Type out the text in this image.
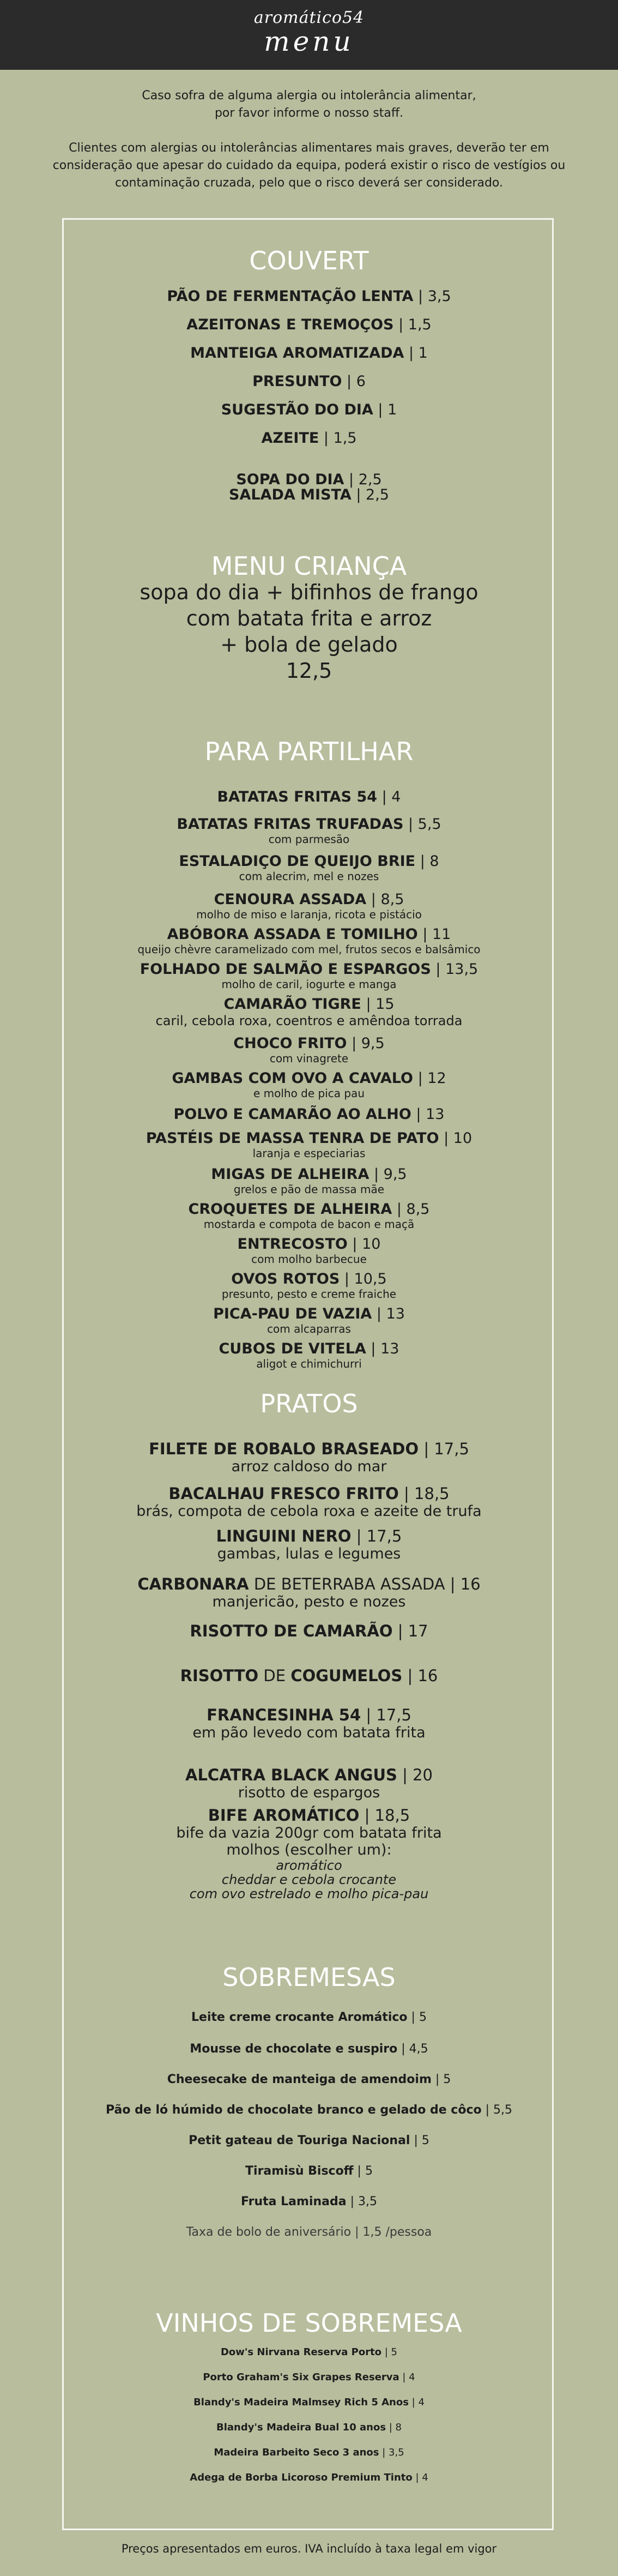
aromático54
menu
Caso sofra de alguma alergia ou intolerância alimentar,
por favor informe o nosso staff.
Clientes com alergias ou intolerâncias alimentares mais graves, deverão ter em
consideração que apesar do cuidado da equipa, poderá existir o risco de vestígios ou
contaminação cruzada, pelo que o risco deverá ser considerado.
COUVERT
PÃO DE FERMENTAÇÃO LENTA | 3,5
AZEITONAS E TREMOÇOS | 1,5
MANTEIGA AROMATIZADA | 1
PRESUNTO | 6
SUGESTÃO DO DIA | 1
AZEITE | 1,5
SOPA DO DIA | 2,5
SALADA MISTA | 2,5
MENU CRIANÇA
sopa do dia + bifinhos de frango
com batata frita e arroz
+ bola de gelado
12,5
PARA PARTILHAR
BATATAS FRITAS 54 | 4
BATATAS FRITAS TRUFADAS | 5,5
com parmesão
ESTALADIÇO DE QUEIJO BRIE | 8
com alecrim, mel e nozes
CENOURA ASSADA | 8,5
molho de miso e laranja, ricota e pistácio
ABÓBORA ASSADA E TOMILHO | 11
queijo chèvre caramelizado com mel, frutos secos e balsâmico
FOLHADO DE SALMÃO E ESPARGOS | 13,5
molho de caril, iogurte e manga
CAMARÃO TIGRE | 15
caril, cebola roxa, coentros e amêndoa torrada
CHOCO FRITO | 9,5
com vinagrete
GAMBAS COM OVO A CAVALO | 12
e molho de pica pau
POLVO E CAMARÃO AO ALHO | 13
PASTÉIS DE MASSA TENRA DE PATO | 10
laranja e especiarias
MIGAS DE ALHEIRA | 9,5
grelos e pão de massa mãe
CROQUETES DE ALHEIRA | 8,5
mostarda e compota de bacon e maçã
ENTRECOSTO | 10
com molho barbecue
OVOS ROTOS | 10,5
presunto, pesto e creme fraiche
PICA-PAU DE VAZIA | 13
com alcaparras
CUBOS DE VITELA | 13
aligot e chimichurri
PRATOS
FILETE DE ROBALO BRASEADO | 17,5
arroz caldoso do mar
BACALHAU FRESCO FRITO | 18,5
brás, compota de cebola roxa e azeite de trufa
LINGUINI NERO | 17,5
gambas, lulas e legumes
CARBONARA DE BETERRABA ASSADA | 16
manjericão, pesto e nozes
RISOTTO DE CAMARÃO | 17
RISOTTO DE COGUMELOS | 16
FRANCESINHA 54 | 17,5
em pão levedo com batata frita
ALCATRA BLACK ANGUS | 20
risotto de espargos
BIFE AROMÁTICO | 18,5
bife da vazia 200gr com batata frita
molhos (escolher um):
aromático
cheddar e cebola crocante
com ovo estrelado e molho pica-pau
SOBREMESAS
Leite creme crocante Aromático | 5
Mousse de chocolate e suspiro | 4,5
Cheesecake de manteiga de amendoim | 5
Pão de ló húmido de chocolate branco e gelado de côco | 5,5
Petit gateau de Touriga Nacional | 5
Tiramisù Biscoff | 5
Fruta Laminada | 3,5
Taxa de bolo de aniversário | 1,5 /pessoa
VINHOS DE SOBREMESA
Dow's Nirvana Reserva Porto | 5
Porto Graham's Six Grapes Reserva | 4
Blandy's Madeira Malmsey Rich 5 Anos | 4
Blandy's Madeira Bual 10 anos | 8
Madeira Barbeito Seco 3 anos | 3,5
Adega de Borba Licoroso Premium Tinto | 4
Preços apresentados em euros. IVA incluído à taxa legal em vigor
